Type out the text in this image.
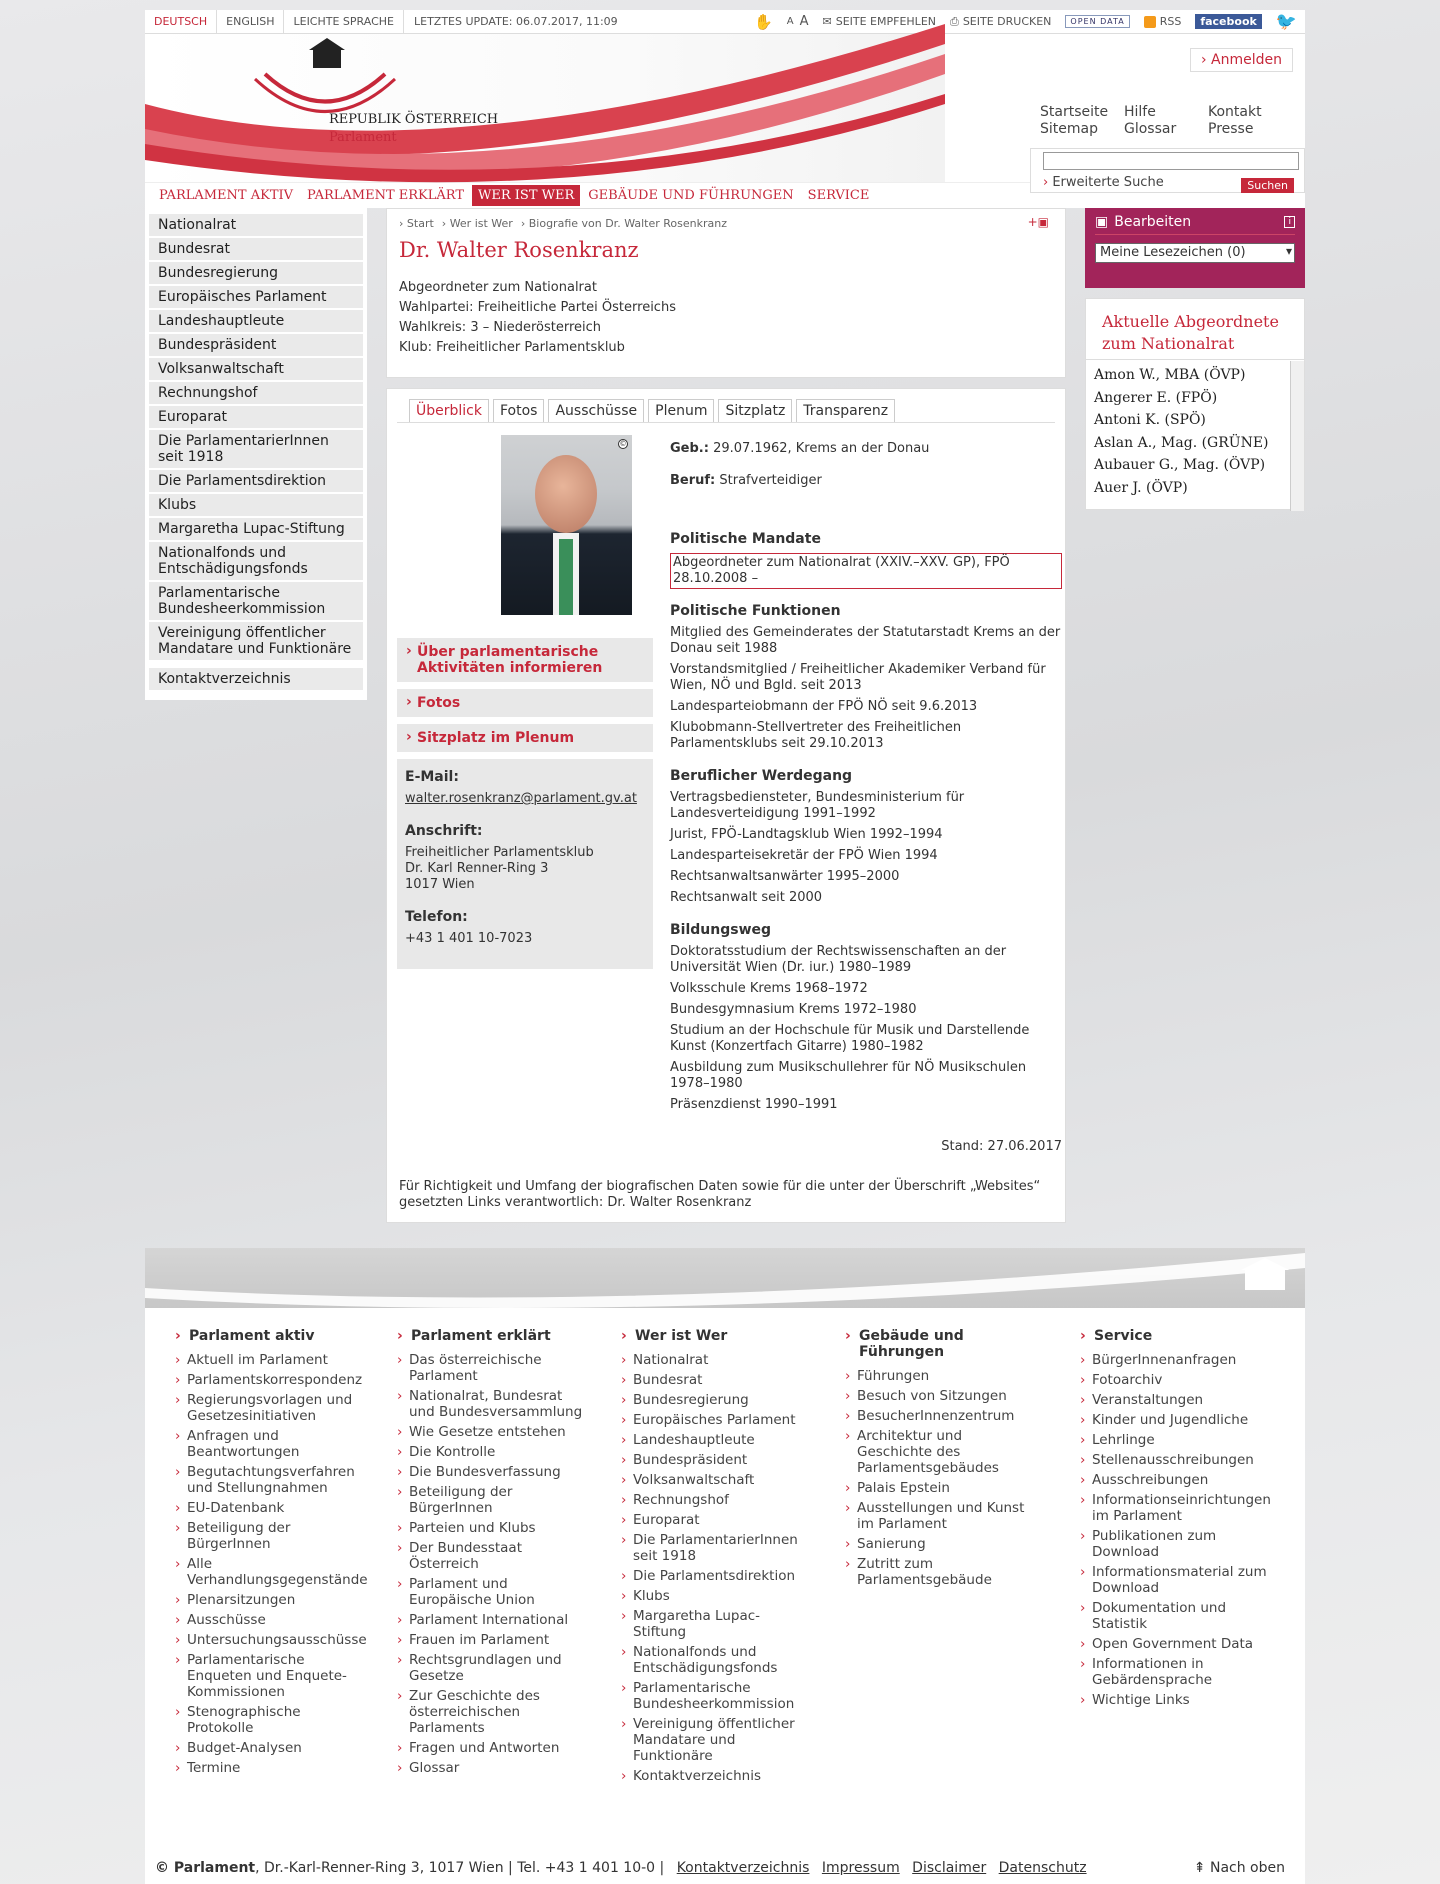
DEUTSCH	ENGLISH	LEICHTE SPRACHE	LETZTES UPDATE: 06.07.2017, 11:09	✋ A A ✉ SEITE EMPFEHLEN ⎙ SEITE DRUCKEN	OPEN DATA	RSS	facebook 🐦
REPUBLIK ÖSTERREICH
Parlament
› Anmelden
Startseite	Hilfe	Kontakt
Sitemap	Glossar	Presse
› Erweiterte Suche	Suchen
PARLAMENT AKTIV	PARLAMENT ERKLÄRT	WER IST WER	GEBÄUDE UND FÜHRUNGEN	SERVICE
Nationalrat
Bundesrat
Bundesregierung
Europäisches Parlament
Landeshauptleute
Bundespräsident
Volksanwaltschaft
Rechnungshof
Europarat
Die ParlamentarierInnen seit 1918
Die Parlamentsdirektion
Klubs
Margaretha Lupac-Stiftung
Nationalfonds und Entschädigungsfonds
Parlamentarische Bundesheerkommission
Vereinigung öffentlicher Mandatare und Funktionäre
Kontaktverzeichnis
› Start › Wer ist Wer › Biografie von Dr. Walter Rosenkranz	+▣
Dr. Walter Rosenkranz
Abgeordneter zum Nationalrat
Wahlpartei: Freiheitliche Partei Österreichs
Wahlkreis: 3 – Niederösterreich
Klub: Freiheitlicher Parlamentsklub
Überblick	Fotos	Ausschüsse	Plenum	Sitzplatz	Transparenz
©
› Über parlamentarische Aktivitäten informieren
› Fotos
› Sitzplatz im Plenum
E-Mail:
walter.rosenkranz@parlament.gv.at
Anschrift:
Freiheitlicher Parlamentsklub
Dr. Karl Renner-Ring 3
1017 Wien
Telefon:
+43 1 401 10-7023
Geb.: 29.07.1962, Krems an der Donau
Beruf: Strafverteidiger
Politische Mandate
Abgeordneter zum Nationalrat (XXIV.–XXV. GP), FPÖ 28.10.2008 –
Politische Funktionen
Mitglied des Gemeinderates der Statutarstadt Krems an der Donau seit 1988
Vorstandsmitglied / Freiheitlicher Akademiker Verband für Wien, NÖ und Bgld. seit 2013
Landesparteiobmann der FPÖ NÖ seit 9.6.2013
Klubobmann-Stellvertreter des Freiheitlichen Parlamentsklubs seit 29.10.2013
Beruflicher Werdegang
Vertragsbediensteter, Bundesministerium für Landesverteidigung 1991–1992
Jurist, FPÖ-Landtagsklub Wien 1992–1994
Landesparteisekretär der FPÖ Wien 1994
Rechtsanwaltsanwärter 1995–2000
Rechtsanwalt seit 2000
Bildungsweg
Doktoratsstudium der Rechtswissenschaften an der Universität Wien (Dr. iur.) 1980–1989
Volksschule Krems 1968–1972
Bundesgymnasium Krems 1972–1980
Studium an der Hochschule für Musik und Darstellende Kunst (Konzertfach Gitarre) 1980–1982
Ausbildung zum Musikschullehrer für NÖ Musikschulen 1978–1980
Präsenzdienst 1990–1991
Stand: 27.06.2017
Für Richtigkeit und Umfang der biografischen Daten sowie für die unter der Überschrift „Websites“ gesetzten Links verantwortlich: Dr. Walter Rosenkranz
▣ Bearbeiten	i
Meine Lesezeichen (0) ▾
Aktuelle Abgeordnete zum Nationalrat
Amon W., MBA (ÖVP)
Angerer E. (FPÖ)
Antoni K. (SPÖ)
Aslan A., Mag. (GRÜNE)
Aubauer G., Mag. (ÖVP)
Auer J. (ÖVP)
› Parlament aktiv
› Aktuell im Parlament
› Parlamentskorrespondenz
› Regierungsvorlagen und Gesetzesinitiativen
› Anfragen und Beantwortungen
› Begutachtungsverfahren und Stellungnahmen
› EU-Datenbank
› Beteiligung der BürgerInnen
› Alle Verhandlungsgegenstände
› Plenarsitzungen
› Ausschüsse
› Untersuchungsausschüsse
› Parlamentarische Enqueten und Enquete-Kommissionen
› Stenographische Protokolle
› Budget-Analysen
› Termine
› Parlament erklärt
› Das österreichische Parlament
› Nationalrat, Bundesrat und Bundesversammlung
› Wie Gesetze entstehen
› Die Kontrolle
› Die Bundesverfassung
› Beteiligung der BürgerInnen
› Parteien und Klubs
› Der Bundesstaat Österreich
› Parlament und Europäische Union
› Parlament International
› Frauen im Parlament
› Rechtsgrundlagen und Gesetze
› Zur Geschichte des österreichischen Parlaments
› Fragen und Antworten
› Glossar
› Wer ist Wer
› Nationalrat
› Bundesrat
› Bundesregierung
› Europäisches Parlament
› Landeshauptleute
› Bundespräsident
› Volksanwaltschaft
› Rechnungshof
› Europarat
› Die ParlamentarierInnen seit 1918
› Die Parlamentsdirektion
› Klubs
› Margaretha Lupac-Stiftung
› Nationalfonds und Entschädigungsfonds
› Parlamentarische Bundesheerkommission
› Vereinigung öffentlicher Mandatare und Funktionäre
› Kontaktverzeichnis
› Gebäude und Führungen
› Führungen
› Besuch von Sitzungen
› BesucherInnenzentrum
› Architektur und Geschichte des Parlamentsgebäudes
› Palais Epstein
› Ausstellungen und Kunst im Parlament
› Sanierung
› Zutritt zum Parlamentsgebäude
› Service
› BürgerInnenanfragen
› Fotoarchiv
› Veranstaltungen
› Kinder und Jugendliche
› Lehrlinge
› Stellenausschreibungen
› Ausschreibungen
› Informationseinrichtungen im Parlament
› Publikationen zum Download
› Informationsmaterial zum Download
› Dokumentation und Statistik
› Open Government Data
› Informationen in Gebärdensprache
› Wichtige Links
© Parlament, Dr.-Karl-Renner-Ring 3, 1017 Wien | Tel. +43 1 401 10-0 | Kontaktverzeichnis Impressum Disclaimer Datenschutz	⇞ Nach oben
